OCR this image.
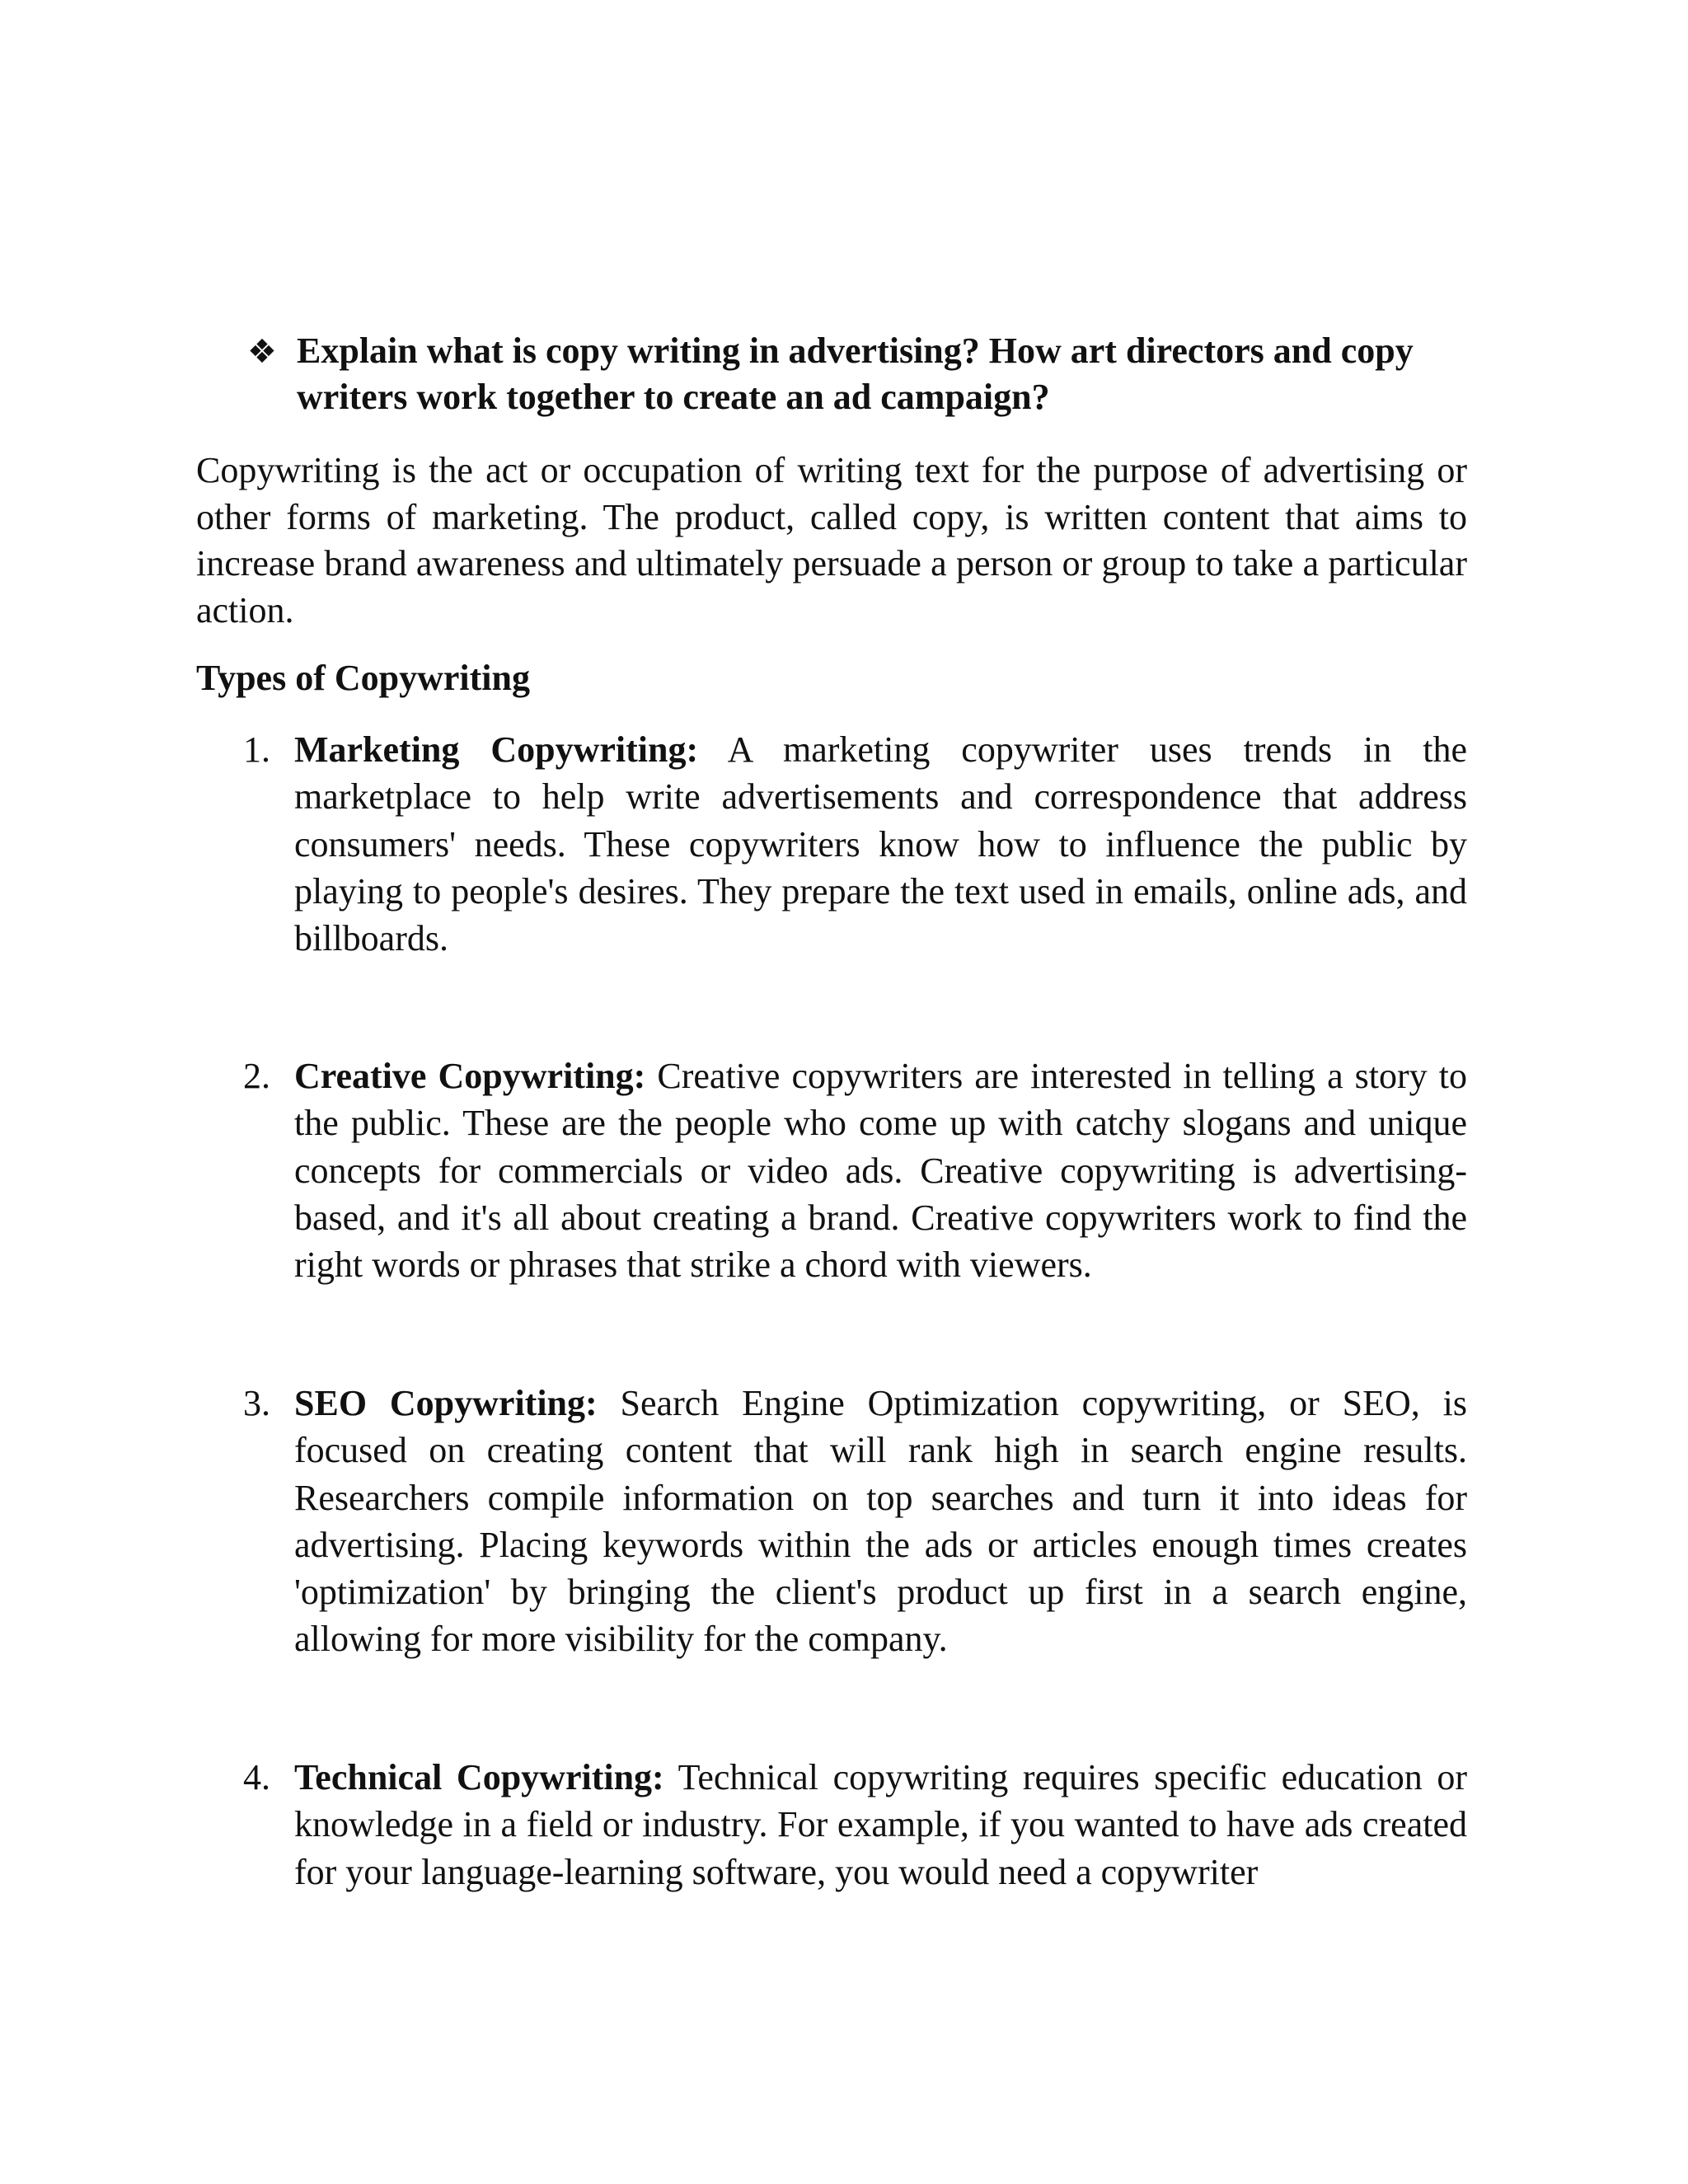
❖ Explain what is copy writing in advertising? How art directors and copy writers work together to create an ad campaign?

Copywriting is the act or occupation of writing text for the purpose of advertising or other forms of marketing. The product, called copy, is written content that aims to increase brand awareness and ultimately persuade a person or group to take a particular action.

Types of Copywriting

1. Marketing Copywriting: A marketing copywriter uses trends in the marketplace to help write advertisements and correspondence that address consumers' needs. These copywriters know how to influence the public by playing to people's desires. They prepare the text used in emails, online ads, and billboards.
2. Creative Copywriting: Creative copywriters are interested in telling a story to the public. These are the people who come up with catchy slogans and unique concepts for commercials or video ads. Creative copywriting is advertising-based, and it's all about creating a brand. Creative copywriters work to find the right words or phrases that strike a chord with viewers.
3. SEO Copywriting: Search Engine Optimization copywriting, or SEO, is focused on creating content that will rank high in search engine results. Researchers compile information on top searches and turn it into ideas for advertising. Placing keywords within the ads or articles enough times creates 'optimization' by bringing the client's product up first in a search engine, allowing for more visibility for the company.
4. Technical Copywriting: Technical copywriting requires specific education or knowledge in a field or industry. For example, if you wanted to have ads created for your language-learning software, you would need a copywriter
